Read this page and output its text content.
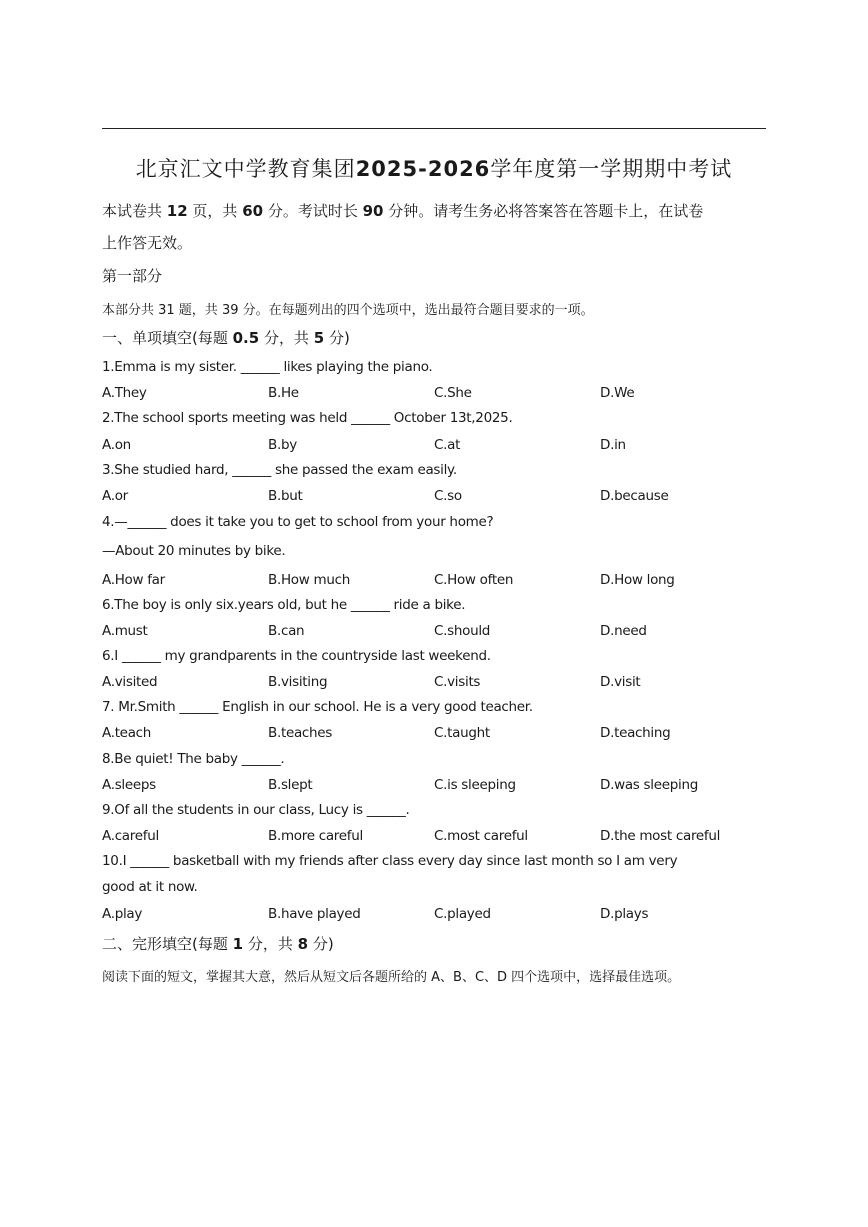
北京汇文中学教育集团2025-2026学年度第一学期期中考试
本试卷共 12 页，共 60 分。考试时长 90 分钟。请考生务必将答案答在答题卡上，在试卷
上作答无效。
第一部分
本部分共 31 题，共 39 分。在每题列出的四个选项中，选出最符合题目要求的一项。
一、单项填空(每题 0.5 分，共 5 分)
1.Emma is my sister. ______ likes playing the piano.
A.They	B.He	C.She	D.We
2.The school sports meeting was held ______ October 13t,2025.
A.on	B.by	C.at	D.in
3.She studied hard, ______ she passed the exam easily.
A.or	B.but	C.so	D.because
4.—______ does it take you to get to school from your home?
—About 20 minutes by bike.
A.How far	B.How much	C.How often	D.How long
6.The boy is only six.years old, but he ______ ride a bike.
A.must	B.can	C.should	D.need
6.I ______ my grandparents in the countryside last weekend.
A.visited	B.visiting	C.visits	D.visit
7. Mr.Smith ______ English in our school. He is a very good teacher.
A.teach	B.teaches	C.taught	D.teaching
8.Be quiet! The baby ______.
A.sleeps	B.slept	C.is sleeping	D.was sleeping
9.Of all the students in our class, Lucy is ______.
A.careful	B.more careful	C.most careful	D.the most careful
10.I ______ basketball with my friends after class every day since last month so I am very
good at it now.
A.play	B.have played	C.played	D.plays
二、完形填空(每题 1 分，共 8 分)
阅读下面的短文，掌握其大意，然后从短文后各题所给的 A、B、C、D 四个选项中，选择最佳选项。
